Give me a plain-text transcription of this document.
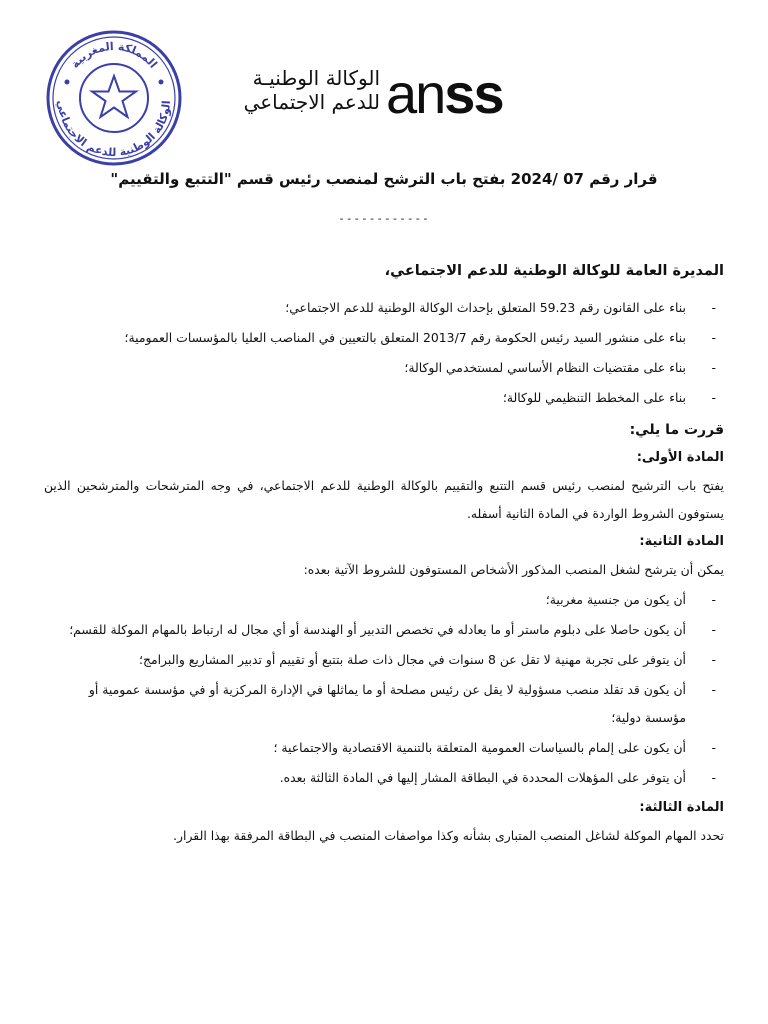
المملكة المغربية
الوكالة الوطنية للدعم الاجتماعي
الوكالة الوطنيـة
للدعم الاجتماعي anss
قرار رقم 07 /2024 بفتح باب الترشح لمنصب رئيس قسم "التتبع والتقييم"
------------
المديرة العامة للوكالة الوطنية للدعم الاجتماعي،
- بناء على القانون رقم 59.23 المتعلق بإحداث الوكالة الوطنية للدعم الاجتماعي؛
- بناء على منشور السيد رئيس الحكومة رقم 2013/7 المتعلق بالتعيين في المناصب العليا بالمؤسسات العمومية؛
- بناء على مقتضيات النظام الأساسي لمستخدمي الوكالة؛
- بناء على المخطط التنظيمي للوكالة؛
قررت ما يلي:
المادة الأولى:
يفتح باب الترشيح لمنصب رئيس قسم التتبع والتقييم بالوكالة الوطنية للدعم الاجتماعي، في وجه المترشحات والمترشحين الذين يستوفون الشروط الواردة في المادة الثانية أسفله.
المادة الثانية:
يمكن أن يترشح لشغل المنصب المذكور الأشخاص المستوفون للشروط الآتية بعده:
- أن يكون من جنسية مغربية؛
- أن يكون حاصلا على دبلوم ماستر أو ما يعادله في تخصص التدبير أو الهندسة أو أي مجال له ارتباط بالمهام الموكلة للقسم؛
- أن يتوفر على تجربة مهنية لا تقل عن 8 سنوات في مجال ذات صلة بتتبع أو تقييم أو تدبير المشاريع والبرامج؛
- أن يكون قد تقلد منصب مسؤولية لا يقل عن رئيس مصلحة أو ما يماثلها في الإدارة المركزية أو في مؤسسة عمومية أو مؤسسة دولية؛
- أن يكون على إلمام بالسياسات العمومية المتعلقة بالتنمية الاقتصادية والاجتماعية ؛
- أن يتوفر على المؤهلات المحددة في البطاقة المشار إليها في المادة الثالثة بعده.
المادة الثالثة:
تحدد المهام الموكلة لشاغل المنصب المتبارى بشأنه وكذا مواصفات المنصب في البطاقة المرفقة بهذا القرار.
